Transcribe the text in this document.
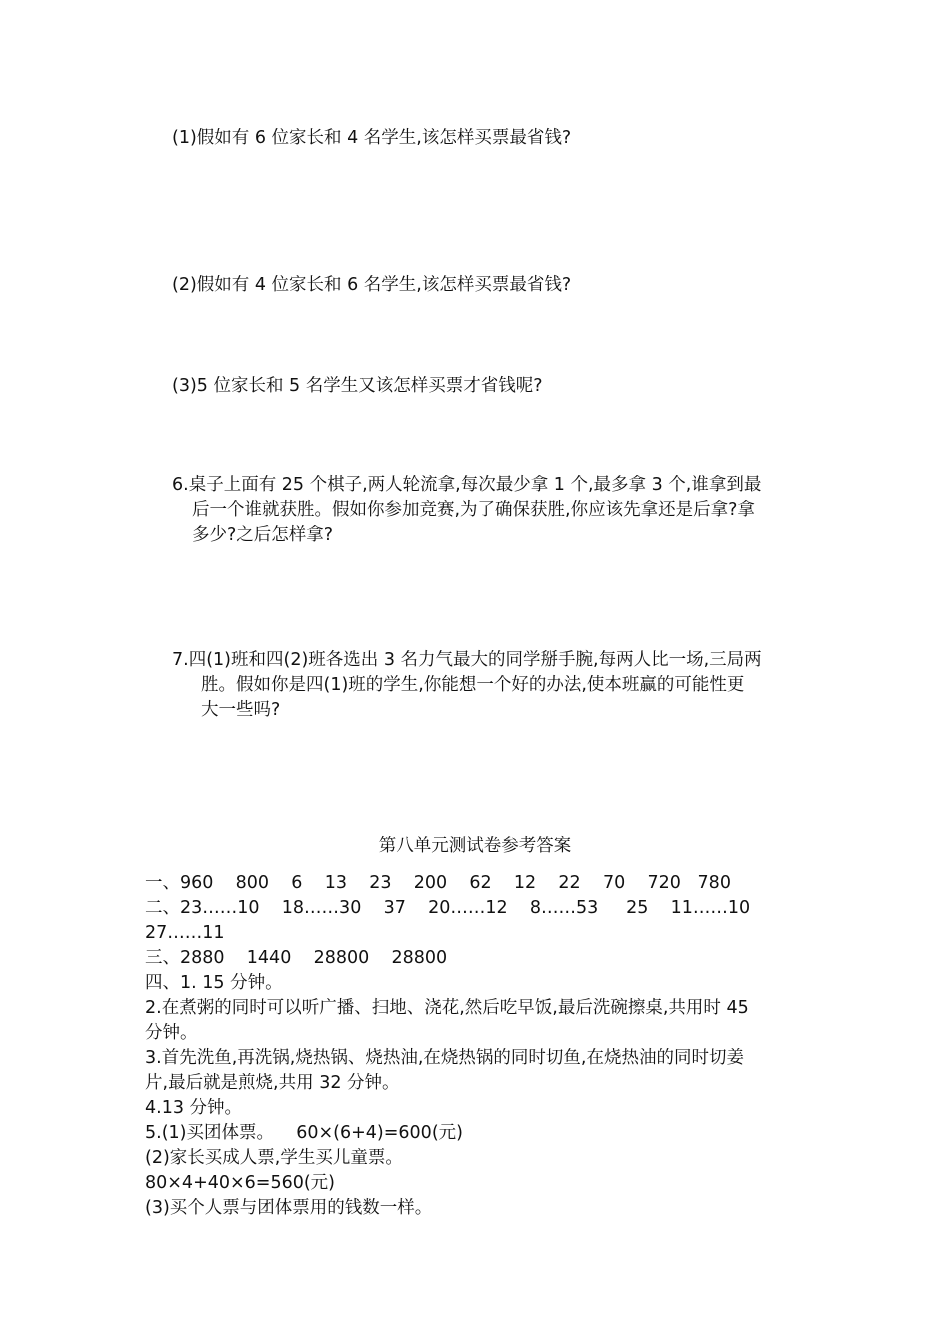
(1)假如有 6 位家长和 4 名学生,该怎样买票最省钱?
(2)假如有 4 位家长和 6 名学生,该怎样买票最省钱?
(3)5 位家长和 5 名学生又该怎样买票才省钱呢?
6.桌子上面有 25 个棋子,两人轮流拿,每次最少拿 1 个,最多拿 3 个,谁拿到最
后一个谁就获胜。假如你参加竞赛,为了确保获胜,你应该先拿还是后拿?拿
多少?之后怎样拿?
7.四(1)班和四(2)班各选出 3 名力气最大的同学掰手腕,每两人比一场,三局两
胜。假如你是四(1)班的学生,你能想一个好的办法,使本班赢的可能性更
大一些吗?
第八单元测试卷参考答案
一、960    800    6    13    23    200    62    12    22    70    720   780
二、23……10    18……30    37    20……12    8……53     25    11……10
27……11
三、2880    1440    28800    28800
四、1. 15 分钟。
2.在煮粥的同时可以听广播、扫地、浇花,然后吃早饭,最后洗碗擦桌,共用时 45
分钟。
3.首先洗鱼,再洗锅,烧热锅、烧热油,在烧热锅的同时切鱼,在烧热油的同时切姜
片,最后就是煎烧,共用 32 分钟。
4.13 分钟。
5.(1)买团体票。    60×(6+4)=600(元)
(2)家长买成人票,学生买儿童票。
80×4+40×6=560(元)
(3)买个人票与团体票用的钱数一样。
